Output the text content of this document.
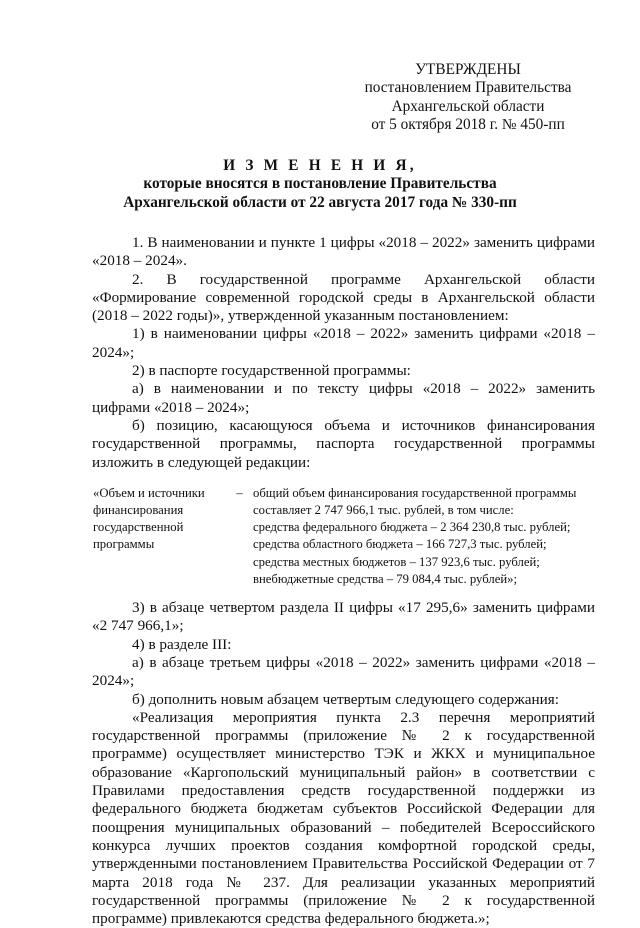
УТВЕРЖДЕНЫ
постановлением Правительства
Архангельской области
от 5 октября 2018 г. № 450-пп
И З М Е Н Е Н И Я,
которые вносятся в постановление Правительства
Архангельской области от 22 августа 2017 года № 330-пп
1. В наименовании и пункте 1 цифры «2018 – 2022» заменить цифрами «2018 – 2024».
2. В государственной программе Архангельской области «Формирование современной городской среды в Архангельской области (2018 – 2022 годы)», утвержденной указанным постановлением:
1) в наименовании цифры «2018 – 2022» заменить цифрами «2018 – 2024»;
2) в паспорте государственной программы:
а) в наименовании и по тексту цифры «2018 – 2022» заменить цифрами «2018 – 2024»;
б) позицию, касающуюся объема и источников финансирования государственной программы, паспорта государственной программы изложить в следующей редакции:
«Объем и источники
финансирования
государственной
программы
– общий объем финансирования государственной программы
составляет 2 747 966,1 тыс. рублей, в том числе:
средства федерального бюджета – 2 364 230,8 тыс. рублей;
средства областного бюджета – 166 727,3 тыс. рублей;
средства местных бюджетов – 137 923,6 тыс. рублей;
внебюджетные средства – 79 084,4 тыс. рублей»;
3) в абзаце четвертом раздела II цифры «17 295,6» заменить цифрами «2 747 966,1»;
4) в разделе III:
а) в абзаце третьем цифры «2018 – 2022» заменить цифрами «2018 – 2024»;
б) дополнить новым абзацем четвертым следующего содержания:
«Реализация мероприятия пункта 2.3 перечня мероприятий государственной программы (приложение № 2 к государственной программе) осуществляет министерство ТЭК и ЖКХ и муниципальное образование «Каргопольский муниципальный район» в соответствии с Правилами предоставления средств государственной поддержки из федерального бюджета бюджетам субъектов Российской Федерации для поощрения муниципальных образований – победителей Всероссийского конкурса лучших проектов создания комфортной городской среды, утвержденными постановлением Правительства Российской Федерации от 7 марта 2018 года № 237. Для реализации указанных мероприятий государственной программы (приложение № 2 к государственной программе) привлекаются средства федерального бюджета.»;
